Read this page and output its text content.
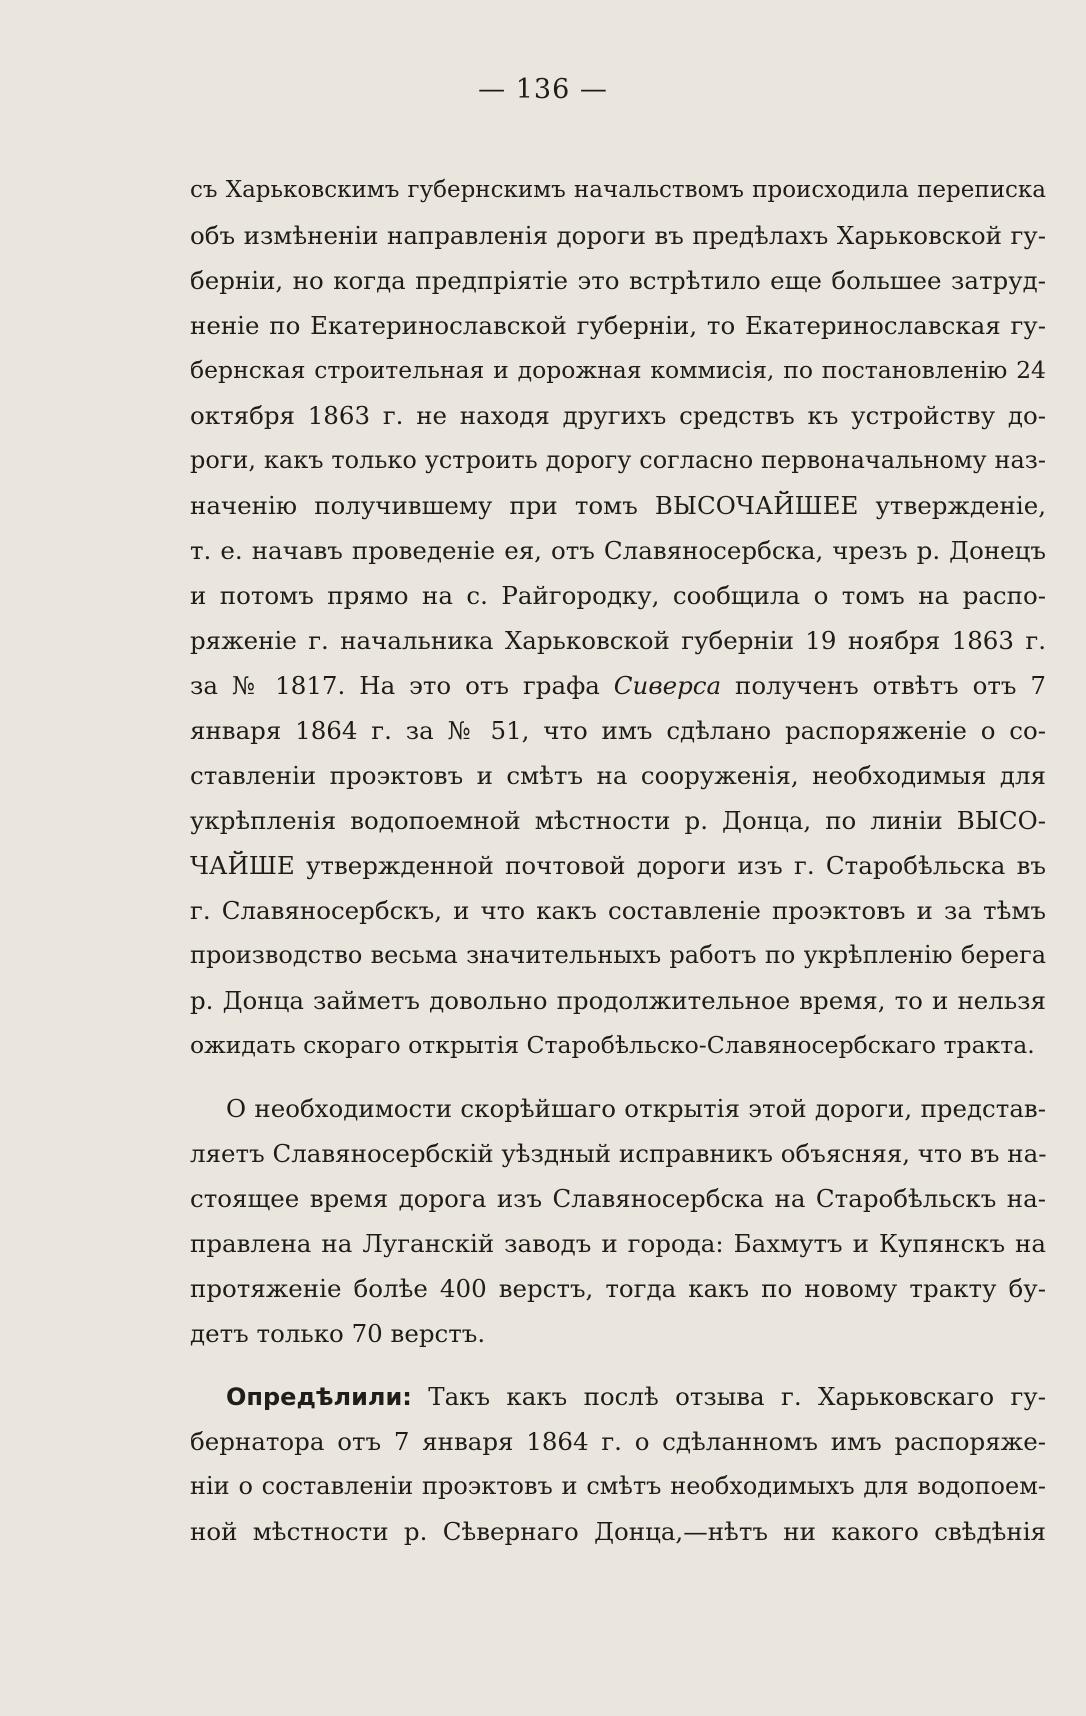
— 136 —
съ Харьковскимъ губернскимъ начальствомъ происходила переписка
объ измѣненіи направленія дороги въ предѣлахъ Харьковской гу-
берніи, но когда предпріятіе это встрѣтило еще большее затруд-
неніе по Екатеринославской губерніи, то Екатеринославская гу-
бернская строительная и дорожная коммисія, по постановленію 24
октября 1863 г. не находя другихъ средствъ къ устройству до-
роги, какъ только устроить дорогу согласно первоначальному наз-
наченію получившему при томъ ВЫСОЧАЙШЕЕ утвержденіе,
т. е. начавъ проведеніе ея, отъ Славяносербска, чрезъ р. Донецъ
и потомъ прямо на с. Райгородку, сообщила о томъ на распо-
ряженіе г. начальника Харьковской губерніи 19 ноября 1863 г.
за № 1817. На это отъ графа Сиверса полученъ отвѣтъ отъ 7
января 1864 г. за № 51, что имъ сдѣлано распоряженіе о со-
ставленіи проэктовъ и смѣтъ на сооруженія, необходимыя для
укрѣпленія водопоемной мѣстности р. Донца, по линіи ВЫСО-
ЧАЙШЕ утвержденной почтовой дороги изъ г. Старобѣльска въ
г. Славяносербскъ, и что какъ составленіе проэктовъ и за тѣмъ
производство весьма значительныхъ работъ по укрѣпленію берега
р. Донца займетъ довольно продолжительное время, то и нельзя
ожидать скораго открытія Старобѣльско-Славяносербскаго тракта.
О необходимости скорѣйшаго открытія этой дороги, представ-
ляетъ Славяносербскій уѣздный исправникъ объясняя, что въ на-
стоящее время дорога изъ Славяносербска на Старобѣльскъ на-
правлена на Луганскій заводъ и города: Бахмутъ и Купянскъ на
протяженіе болѣе 400 верстъ, тогда какъ по новому тракту бу-
детъ только 70 верстъ.
Опредѣлили: Такъ какъ послѣ отзыва г. Харьковскаго гу-
бернатора отъ 7 января 1864 г. о сдѣланномъ имъ распоряже-
ніи о составленіи проэктовъ и смѣтъ необходимыхъ для водопоем-
ной мѣстности р. Сѣвернаго Донца,—нѣтъ ни какого свѣдѣнія
